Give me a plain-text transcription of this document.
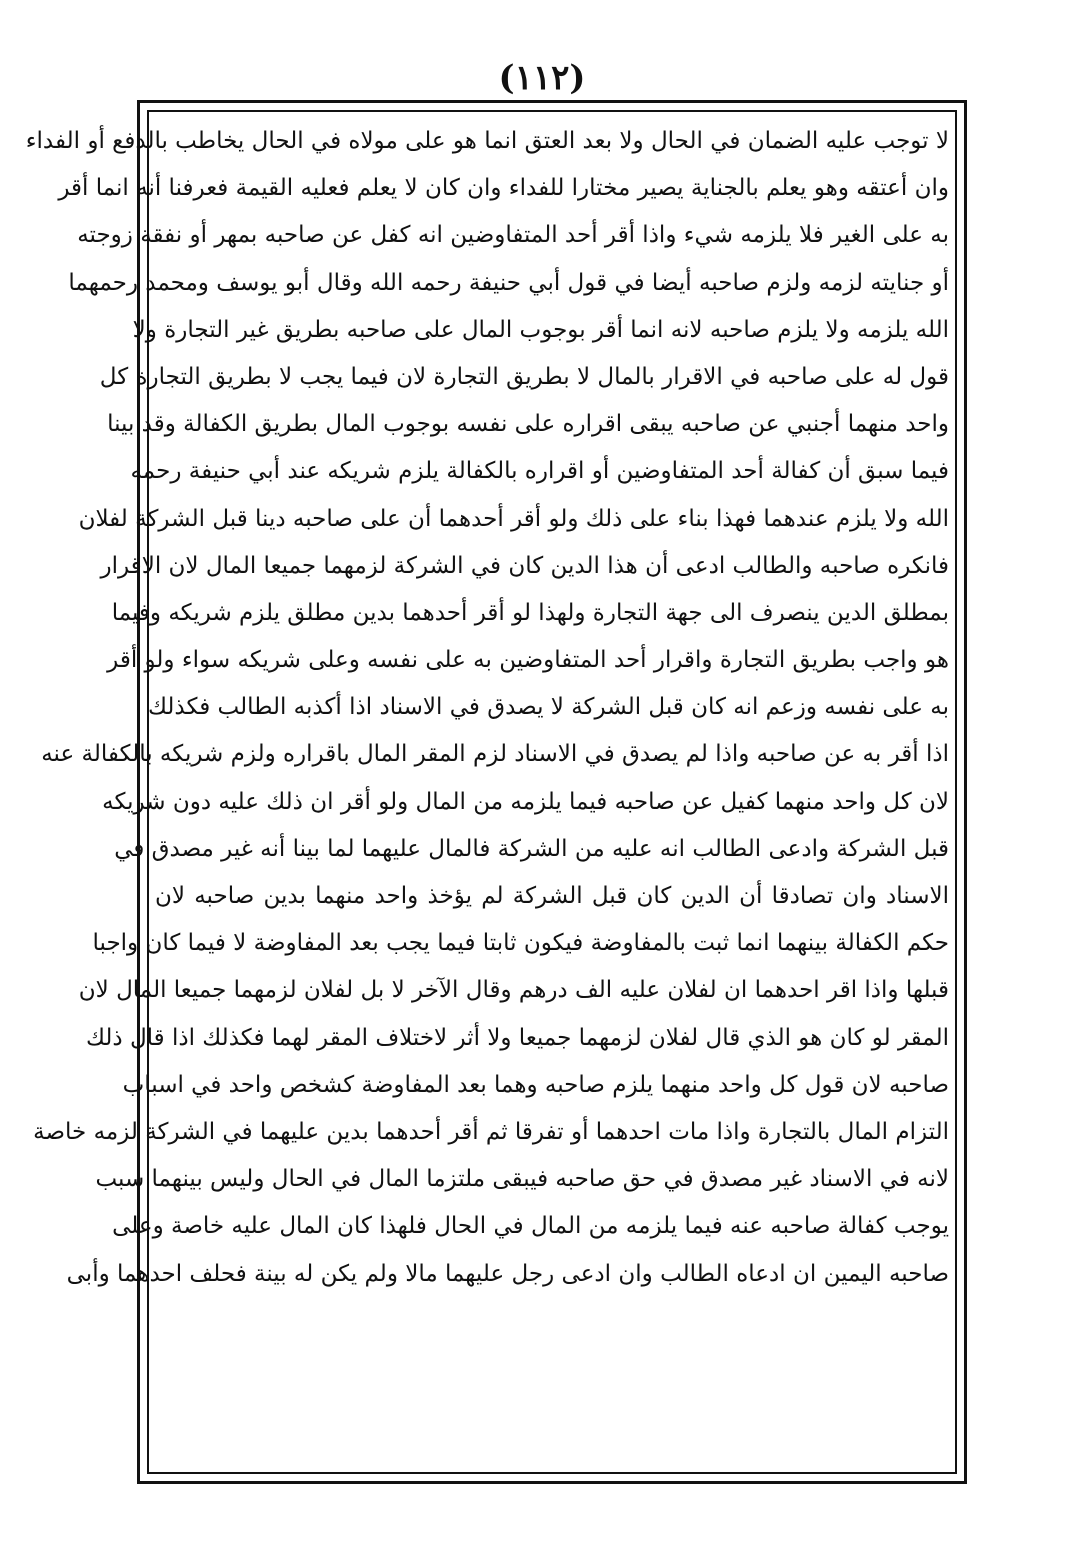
(١١٢)
لا توجب عليه الضمان في الحال ولا بعد العتق انما هو على مولاه في الحال يخاطب بالدفع أو الفداء
وان أعتقه وهو يعلم بالجناية يصير مختارا للفداء وان كان لا يعلم فعليه القيمة فعرفنا أنه انما أقر
به على الغير فلا يلزمه شيء واذا أقر أحد المتفاوضين انه كفل عن صاحبه بمهر أو نفقة زوجته
أو جنايته لزمه ولزم صاحبه أيضا في قول أبي حنيفة رحمه الله وقال أبو يوسف ومحمد رحمهما
الله يلزمه ولا يلزم صاحبه لانه انما أقر بوجوب المال على صاحبه بطريق غير التجارة ولا
قول له على صاحبه في الاقرار بالمال لا بطريق التجارة لان فيما يجب لا بطريق التجارة كل
واحد منهما أجنبي عن صاحبه يبقى اقراره على نفسه بوجوب المال بطريق الكفالة وقد بينا
فيما سبق أن كفالة أحد المتفاوضين أو اقراره بالكفالة يلزم شريكه عند أبي حنيفة رحمه
الله ولا يلزم عندهما فهذا بناء على ذلك ولو أقر أحدهما أن على صاحبه دينا قبل الشركة لفلان
فانكره صاحبه والطالب ادعى أن هذا الدين كان في الشركة لزمهما جميعا المال لان الاقرار
بمطلق الدين ينصرف الى جهة التجارة ولهذا لو أقر أحدهما بدين مطلق يلزم شريكه وفيما
هو واجب بطريق التجارة واقرار أحد المتفاوضين به على نفسه وعلى شريكه سواء ولو أقر
به على نفسه وزعم انه كان قبل الشركة لا يصدق في الاسناد اذا أكذبه الطالب فكذلك
اذا أقر به عن صاحبه واذا لم يصدق في الاسناد لزم المقر المال باقراره ولزم شريكه بالكفالة عنه
لان كل واحد منهما كفيل عن صاحبه فيما يلزمه من المال ولو أقر ان ذلك عليه دون شريكه
قبل الشركة وادعى الطالب انه عليه من الشركة فالمال عليهما لما بينا أنه غير مصدق في
الاسناد وان تصادقا أن الدين كان قبل الشركة لم يؤخذ واحد منهما بدين صاحبه لان
حكم الكفالة بينهما انما ثبت بالمفاوضة فيكون ثابتا فيما يجب بعد المفاوضة لا فيما كان واجبا
قبلها واذا اقر احدهما ان لفلان عليه الف درهم وقال الآخر لا بل لفلان لزمهما جميعا المال لان
المقر لو كان هو الذي قال لفلان لزمهما جميعا ولا أثر لاختلاف المقر لهما فكذلك اذا قال ذلك
صاحبه لان قول كل واحد منهما يلزم صاحبه وهما بعد المفاوضة كشخص واحد في اسباب
التزام المال بالتجارة واذا مات احدهما أو تفرقا ثم أقر أحدهما بدين عليهما في الشركة لزمه خاصة
لانه في الاسناد غير مصدق في حق صاحبه فيبقى ملتزما المال في الحال وليس بينهما سبب
يوجب كفالة صاحبه عنه فيما يلزمه من المال في الحال فلهذا كان المال عليه خاصة وعلى
صاحبه اليمين ان ادعاه الطالب وان ادعى رجل عليهما مالا ولم يكن له بينة فحلف احدهما وأبى
